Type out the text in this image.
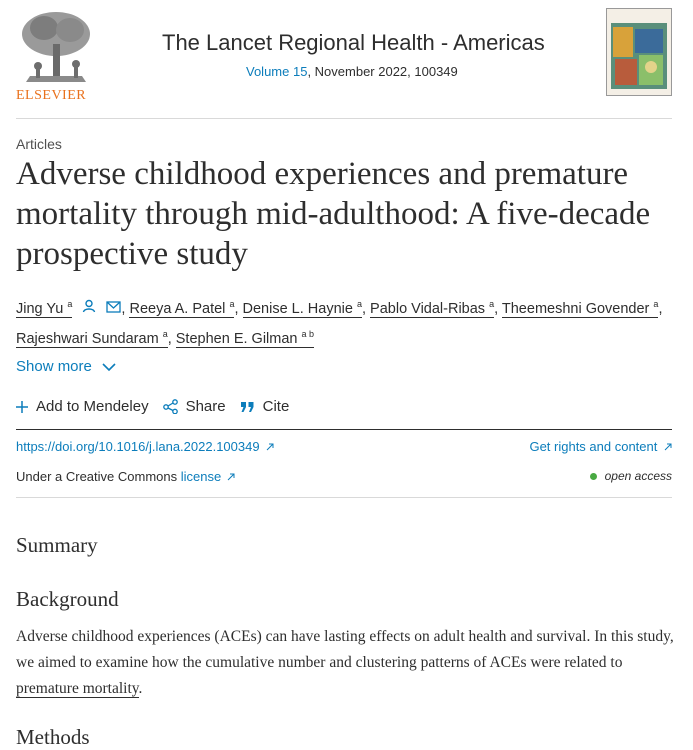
ELSEVIER
The Lancet Regional Health - Americas
Volume 15, November 2022, 100349
Articles
Adverse childhood experiences and premature mortality through mid-adulthood: A five-decade prospective study
Jing Yu $^a$	, Reeya A. Patel $^a$, Denise L. Haynie $^a$, Pablo Vidal-Ribas $^a$, Theemeshni Govender $^a$,
Rajeshwari Sundaram $^a$, Stephen E. Gilman $^{a b}$
Show more
Add to Mendeley Share Cite
https://doi.org/10.1016/j.lana.2022.100349	Get rights and content
Under a Creative Commons license	open access
Summary
Background

Adverse childhood experiences (ACEs) can have lasting effects on adult health and survival. In this study, we aimed to examine how the cumulative number and clustering patterns of ACEs were related to premature mortality.

Methods
